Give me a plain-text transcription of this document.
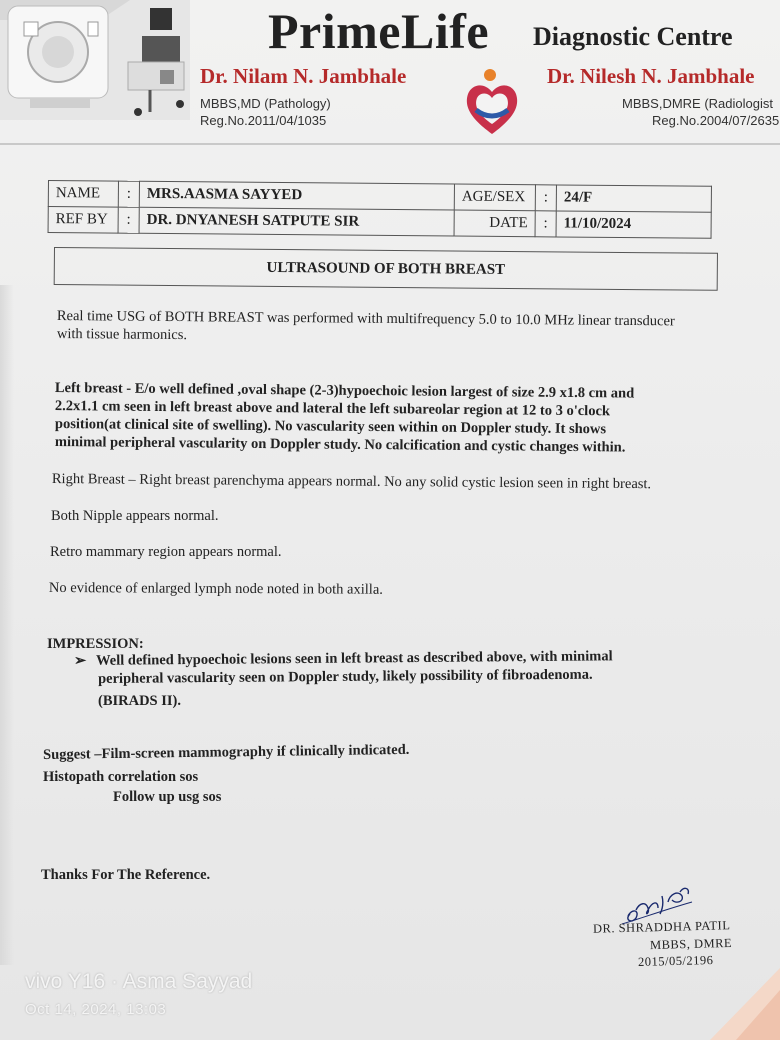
PrimeLife Diagnostic Centre
Dr. Nilam N. Jambhale
MBBS,MD (Pathology)
Reg.No.2011/04/1035
Dr. Nilesh N. Jambhale
MBBS,DMRE (Radiologist
Reg.No.2004/07/2635
NAME	:	MRS.AASMA SAYYED	AGE/SEX	:	24/F
REF BY	:	DR. DNYANESH SATPUTE SIR	DATE	:	11/10/2024
ULTRASOUND OF BOTH BREAST
Real time USG of BOTH BREAST was performed with multifrequency 5.0 to 10.0 MHz linear transducer
with tissue harmonics.
Left breast - E/o well defined ,oval shape (2-3)hypoechoic lesion largest of size 2.9 x1.8 cm and
2.2x1.1 cm seen in left breast above and lateral the left subareolar region at 12 to 3 o'clock
position(at clinical site of swelling). No vascularity seen within on Doppler study. It shows
minimal peripheral vascularity on Doppler study. No calcification and cystic changes within.
Right Breast – Right breast parenchyma appears normal. No any solid cystic lesion seen in right breast.
Both Nipple appears normal.
Retro mammary region appears normal.
No evidence of enlarged lymph node noted in both axilla.
IMPRESSION:
➢ Well defined hypoechoic lesions seen in left breast as described above, with minimal
peripheral vascularity seen on Doppler study, likely possibility of fibroadenoma.
(BIRADS II).
Suggest –Film-screen mammography if clinically indicated.
Histopath correlation sos
Follow up usg sos
Thanks For The Reference.
DR. SHRADDHA PATIL
MBBS, DMRE
2015/05/2196
vivo Y16 · Asma Sayyad
Oct 14, 2024, 13:03
